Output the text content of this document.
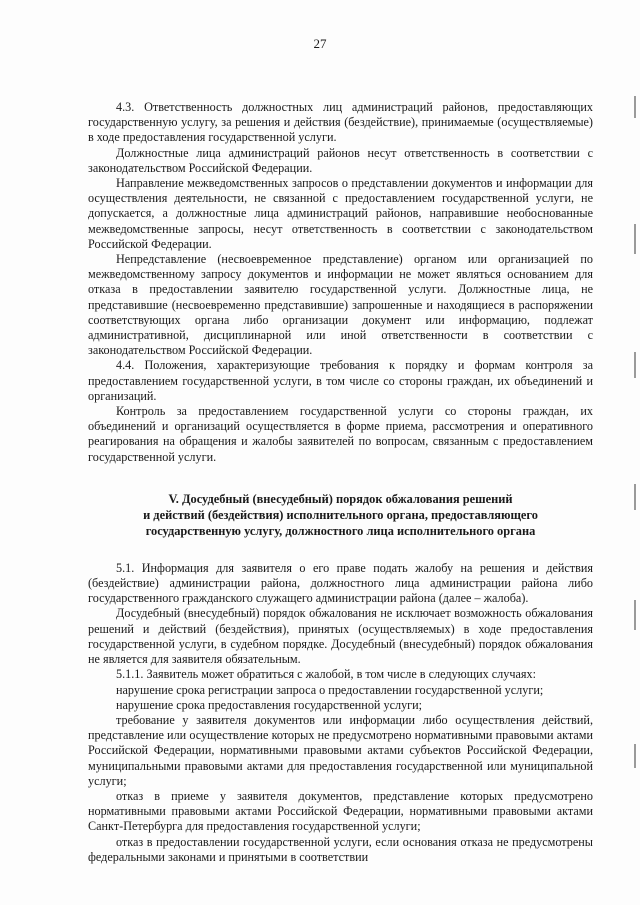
27

4.3. Ответственность должностных лиц администраций районов, предоставляющих государственную услугу, за решения и действия (бездействие), принимаемые (осуществляемые) в ходе предоставления государственной услуги.

Должностные лица администраций районов несут ответственность в соответствии с законодательством Российской Федерации.

Направление межведомственных запросов о представлении документов и информации для осуществления деятельности, не связанной с предоставлением государственной услуги, не допускается, а должностные лица администраций районов, направившие необоснованные межведомственные запросы, несут ответственность в соответствии с законодательством Российской Федерации.

Непредставление (несвоевременное представление) органом или организацией по межведомственному запросу документов и информации не может являться основанием для отказа в предоставлении заявителю государственной услуги. Должностные лица, не представившие (несвоевременно представившие) запрошенные и находящиеся в распоряжении соответствующих органа либо организации документ или информацию, подлежат административной, дисциплинарной или иной ответственности в соответствии с законодательством Российской Федерации.

4.4. Положения, характеризующие требования к порядку и формам контроля за предоставлением государственной услуги, в том числе со стороны граждан, их объединений и организаций.

Контроль за предоставлением государственной услуги со стороны граждан, их объединений и организаций осуществляется в форме приема, рассмотрения и оперативного реагирования на обращения и жалобы заявителей по вопросам, связанным с предоставлением государственной услуги.

V. Досудебный (внесудебный) порядок обжалования решений
и действий (бездействия) исполнительного органа, предоставляющего
государственную услугу, должностного лица исполнительного органа

5.1. Информация для заявителя о его праве подать жалобу на решения и действия (бездействие) администрации района, должностного лица администрации района либо государственного гражданского служащего администрации района (далее – жалоба).

Досудебный (внесудебный) порядок обжалования не исключает возможность обжалования решений и действий (бездействия), принятых (осуществляемых) в ходе предоставления государственной услуги, в судебном порядке. Досудебный (внесудебный) порядок обжалования не является для заявителя обязательным.

5.1.1. Заявитель может обратиться с жалобой, в том числе в следующих случаях:

нарушение срока регистрации запроса о предоставлении государственной услуги;

нарушение срока предоставления государственной услуги;

требование у заявителя документов или информации либо осуществления действий, представление или осуществление которых не предусмотрено нормативными правовыми актами Российской Федерации, нормативными правовыми актами субъектов Российской Федерации, муниципальными правовыми актами для предоставления государственной или муниципальной услуги;

отказ в приеме у заявителя документов, представление которых предусмотрено нормативными правовыми актами Российской Федерации, нормативными правовыми актами Санкт-Петербурга для предоставления государственной услуги;

отказ в предоставлении государственной услуги, если основания отказа не предусмотрены федеральными законами и принятыми в соответствии
